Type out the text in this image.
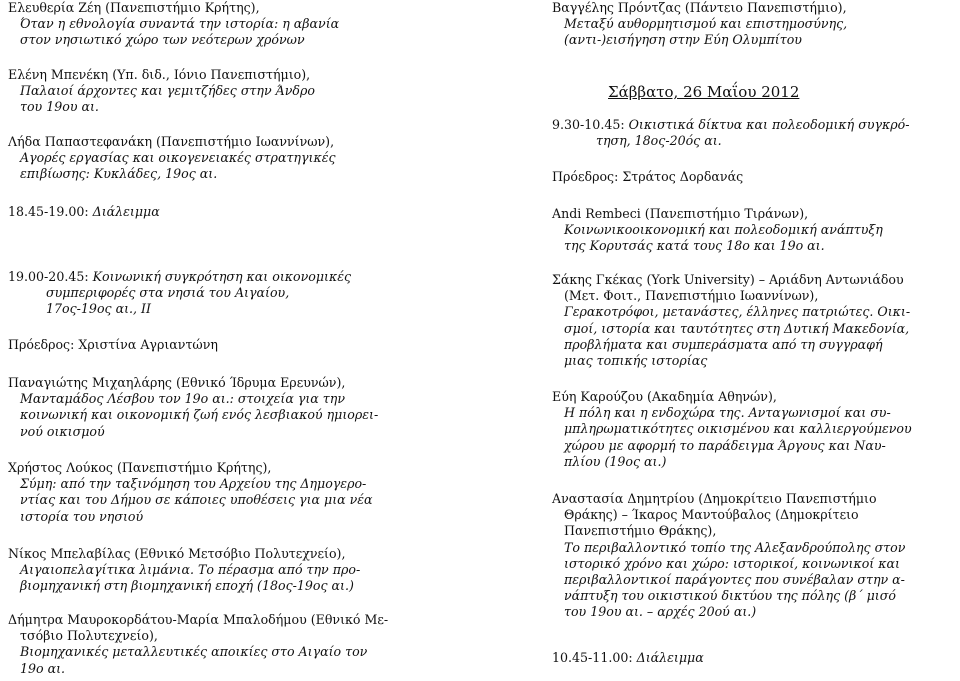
Ελευθερία Ζέη (Πανεπιστήμιο Κρήτης),
Όταν η εθνολογία συναντά την ιστορία: η αβανία
στον νησιωτικό χώρο των νεότερων χρόνων
Ελένη Μπενέκη (Υπ. διδ., Ιόνιο Πανεπιστήμιο),
Παλαιοί άρχοντες και γεμιτζήδες στην Άνδρο
του 19ου αι.
Λήδα Παπαστεφανάκη (Πανεπιστήμιο Ιωαννίνων),
Αγορές εργασίας και οικογενειακές στρατηγικές
επιβίωσης: Κυκλάδες, 19ος αι.
18.45-19.00: Διάλειμμα
19.00-20.45: Κοινωνική συγκρότηση και οικονομικές
συμπεριφορές στα νησιά του Αιγαίου,
17ος-19ος αι., ΙΙ
Πρόεδρος: Χριστίνα Αγριαντώνη
Παναγιώτης Μιχαηλάρης (Εθνικό Ίδρυμα Ερευνών),
Μανταμάδος Λέσβου τον 19ο αι.: στοιχεία για την
κοινωνική και οικονομική ζωή ενός λεσβιακού ημιορει-
νού οικισμού
Χρήστος Λούκος (Πανεπιστήμιο Κρήτης),
Σύμη: από την ταξινόμηση του Αρχείου της Δημογερο-
ντίας και του Δήμου σε κάποιες υποθέσεις για μια νέα
ιστορία του νησιού
Νίκος Μπελαβίλας (Εθνικό Μετσόβιο Πολυτεχνείο),
Αιγαιοπελαγίτικα λιμάνια. Το πέρασμα από την προ-
βιομηχανική στη βιομηχανική εποχή (18ος-19ος αι.)
Δήμητρα Μαυροκορδάτου-Μαρία Μπαλοδήμου (Εθνικό Με-
τσόβιο Πολυτεχνείο),
Βιομηχανικές μεταλλευτικές αποικίες στο Αιγαίο τον
19ο αι.
Βαγγέλης Πρόντζας (Πάντειο Πανεπιστήμιο),
Μεταξύ αυθορμητισμού και επιστημοσύνης,
(αντι-)εισήγηση στην Εύη Ολυμπίτου
Σάββατο, 26 Μαΐου 2012
9.30-10.45: Οικιστικά δίκτυα και πολεοδομική συγκρό-
τηση, 18ος-20ός αι.
Πρόεδρος: Στράτος Δορδανάς
Andi Rembeci (Πανεπιστήμιο Τιράνων),
Κοινωνικοοικονομική και πολεοδομική ανάπτυξη
της Κορυτσάς κατά τους 18ο και 19ο αι.
Σάκης Γκέκας (York University) – Αριάδνη Αντωνιάδου
(Μετ. Φοιτ., Πανεπιστήμιο Ιωαννίνων),
Γερακοτρόφοι, μετανάστες, έλληνες πατριώτες. Οικι-
σμοί, ιστορία και ταυτότητες στη Δυτική Μακεδονία,
προβλήματα και συμπεράσματα από τη συγγραφή
μιας τοπικής ιστορίας
Εύη Καρούζου (Ακαδημία Αθηνών),
Η πόλη και η ενδοχώρα της. Ανταγωνισμοί και συ-
μπληρωματικότητες οικισμένου και καλλιεργούμενου
χώρου με αφορμή το παράδειγμα Άργους και Ναυ-
πλίου (19ος αι.)
Αναστασία Δημητρίου (Δημοκρίτειο Πανεπιστήμιο
Θράκης) – Ίκαρος Μαντούβαλος (Δημοκρίτειο
Πανεπιστήμιο Θράκης),
Το περιβαλλοντικό τοπίο της Αλεξανδρούπολης στον
ιστορικό χρόνο και χώρο: ιστορικοί, κοινωνικοί και
περιβαλλοντικοί παράγοντες που συνέβαλαν στην α-
νάπτυξη του οικιστικού δικτύου της πόλης (β΄ μισό
του 19ου αι. – αρχές 20ού αι.)
10.45-11.00: Διάλειμμα
